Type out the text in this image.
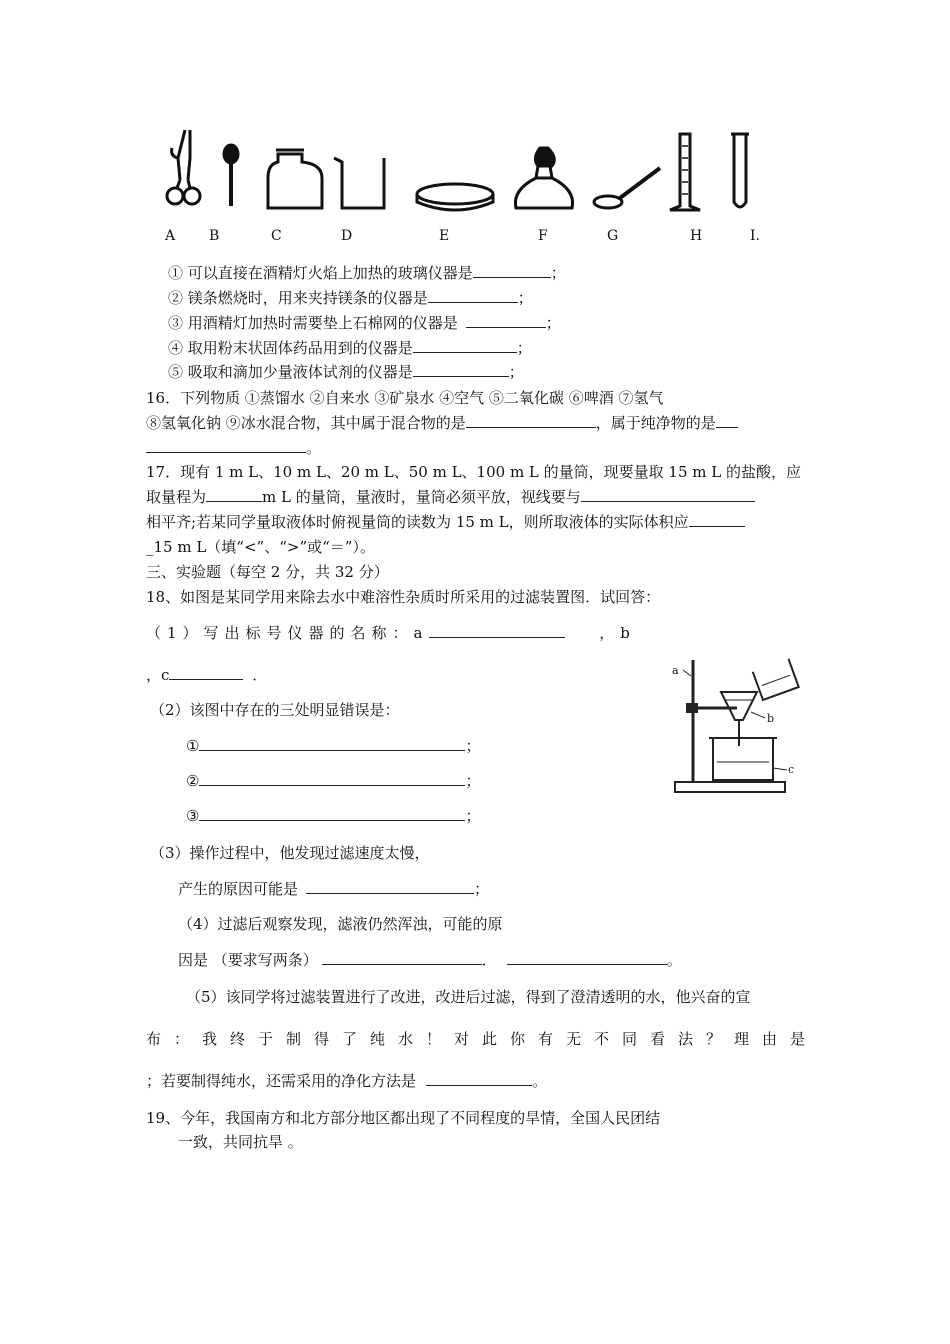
A B	C	D	E	F	G	H	I.
① 可以直接在酒精灯火焰上加热的玻璃仪器是	；
② 镁条燃烧时，用来夹持镁条的仪器是	；
③ 用酒精灯加热时需要垫上石棉网的仪器是	；
④ 取用粉末状固体药品用到的仪器是	；
⑤ 吸取和滴加少量液体试剂的仪器是	；
16．下列物质 ①蒸馏水 ②自来水 ③矿泉水 ④空气 ⑤二氧化碳 ⑥啤酒 ⑦氢气
⑧氢氧化钠 ⑨冰水混合物，其中属于混合物的是	，属于纯净物的是
。
17．现有 1 m L、10 m L、20 m L、50 m L、100 m L 的量筒，现要量取 15 m L 的盐酸，应
取量程为	m L 的量筒，量液时，量筒必须平放，视线要与
相平齐;若某同学量取液体时俯视量筒的读数为 15 m L，则所取液体的实际体积应
_15 m L（填“<”、“>”或“＝”）。
三、实验题（每空 2 分，共 32 分）
18、如图是某同学用来除去水中难溶性杂质时所采用的过滤装置图．试回答：
（1）写出标号仪器的名称：a	，b
，c	．
（2）该图中存在的三处明显错误是：
①	；
②	；
③	；
a
b
c
（3）操作过程中，他发现过滤速度太慢，
产生的原因可能是	；
（4）过滤后观察发现，滤液仍然浑浊，可能的原
因是 （要求写两条）	．	。
（5）该同学将过滤装置进行了改进，改进后过滤，得到了澄清透明的水，他兴奋的宣
布：我终于制得了纯水！对此你有无不同看法？理由是
；若要制得纯水，还需采用的净化方法是	。
19、今年，我国南方和北方部分地区都出现了不同程度的旱情，全国人民团结
一致，共同抗旱 。
